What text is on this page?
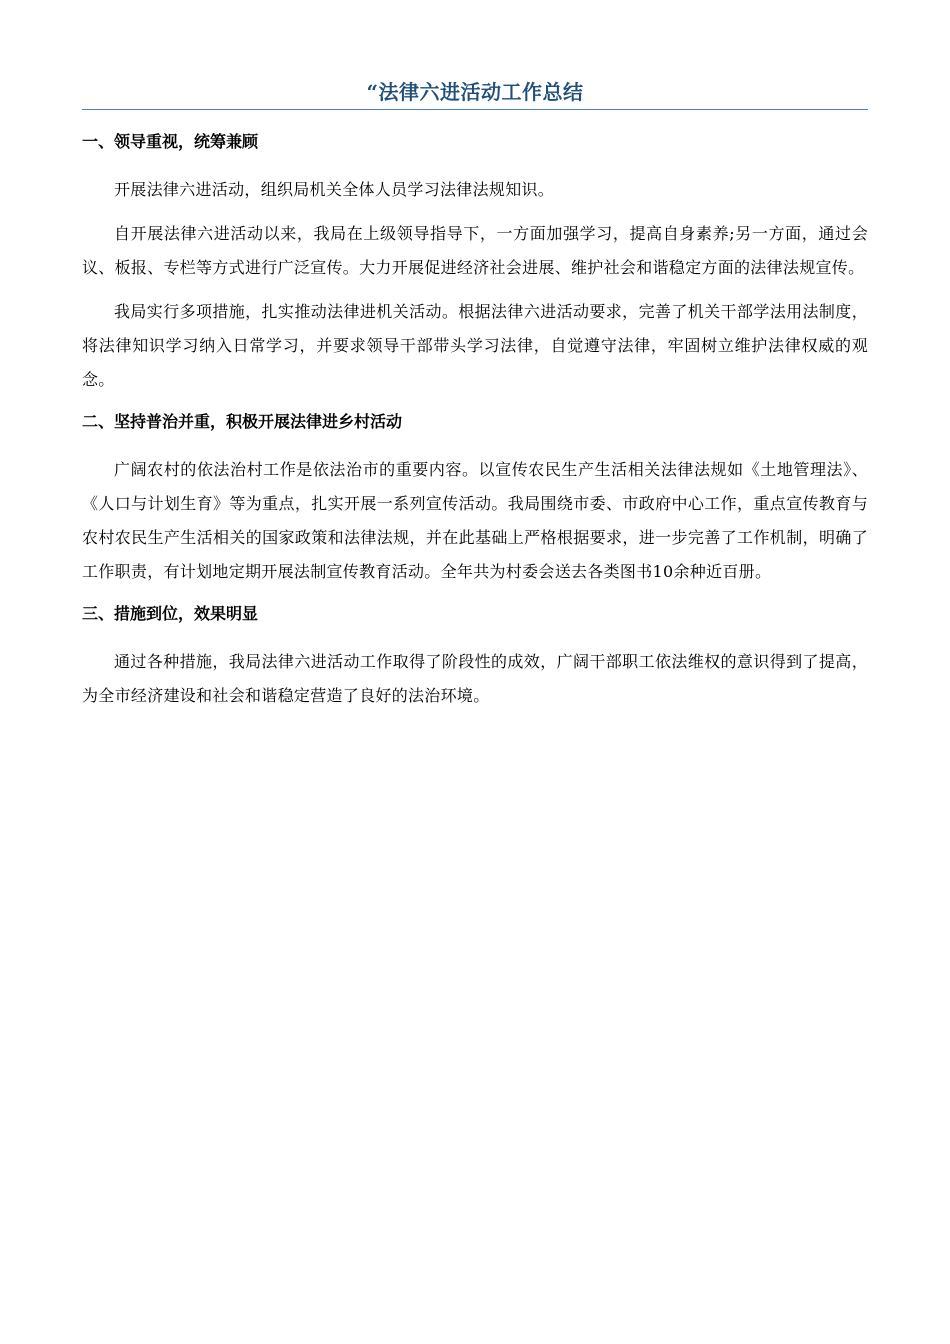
“法律六进活动工作总结
一、领导重视，统筹兼顾

开展法律六进活动，组织局机关全体人员学习法律法规知识。

自开展法律六进活动以来，我局在上级领导指导下，一方面加强学习，提高自身素养;另一方面，通过会议、板报、专栏等方式进行广泛宣传。大力开展促进经济社会进展、维护社会和谐稳定方面的法律法规宣传。

我局实行多项措施，扎实推动法律进机关活动。根据法律六进活动要求，完善了机关干部学法用法制度，将法律知识学习纳入日常学习，并要求领导干部带头学习法律，自觉遵守法律，牢固树立维护法律权威的观念。

二、坚持普治并重，积极开展法律进乡村活动

广阔农村的依法治村工作是依法治市的重要内容。以宣传农民生产生活相关法律法规如《土地管理法》、《人口与计划生育》等为重点，扎实开展一系列宣传活动。我局围绕市委、市政府中心工作，重点宣传教育与农村农民生产生活相关的国家政策和法律法规，并在此基础上严格根据要求，进一步完善了工作机制，明确了工作职责，有计划地定期开展法制宣传教育活动。全年共为村委会送去各类图书10余种近百册。

三、措施到位，效果明显

通过各种措施，我局法律六进活动工作取得了阶段性的成效，广阔干部职工依法维权的意识得到了提高，为全市经济建设和社会和谐稳定营造了良好的法治环境。
